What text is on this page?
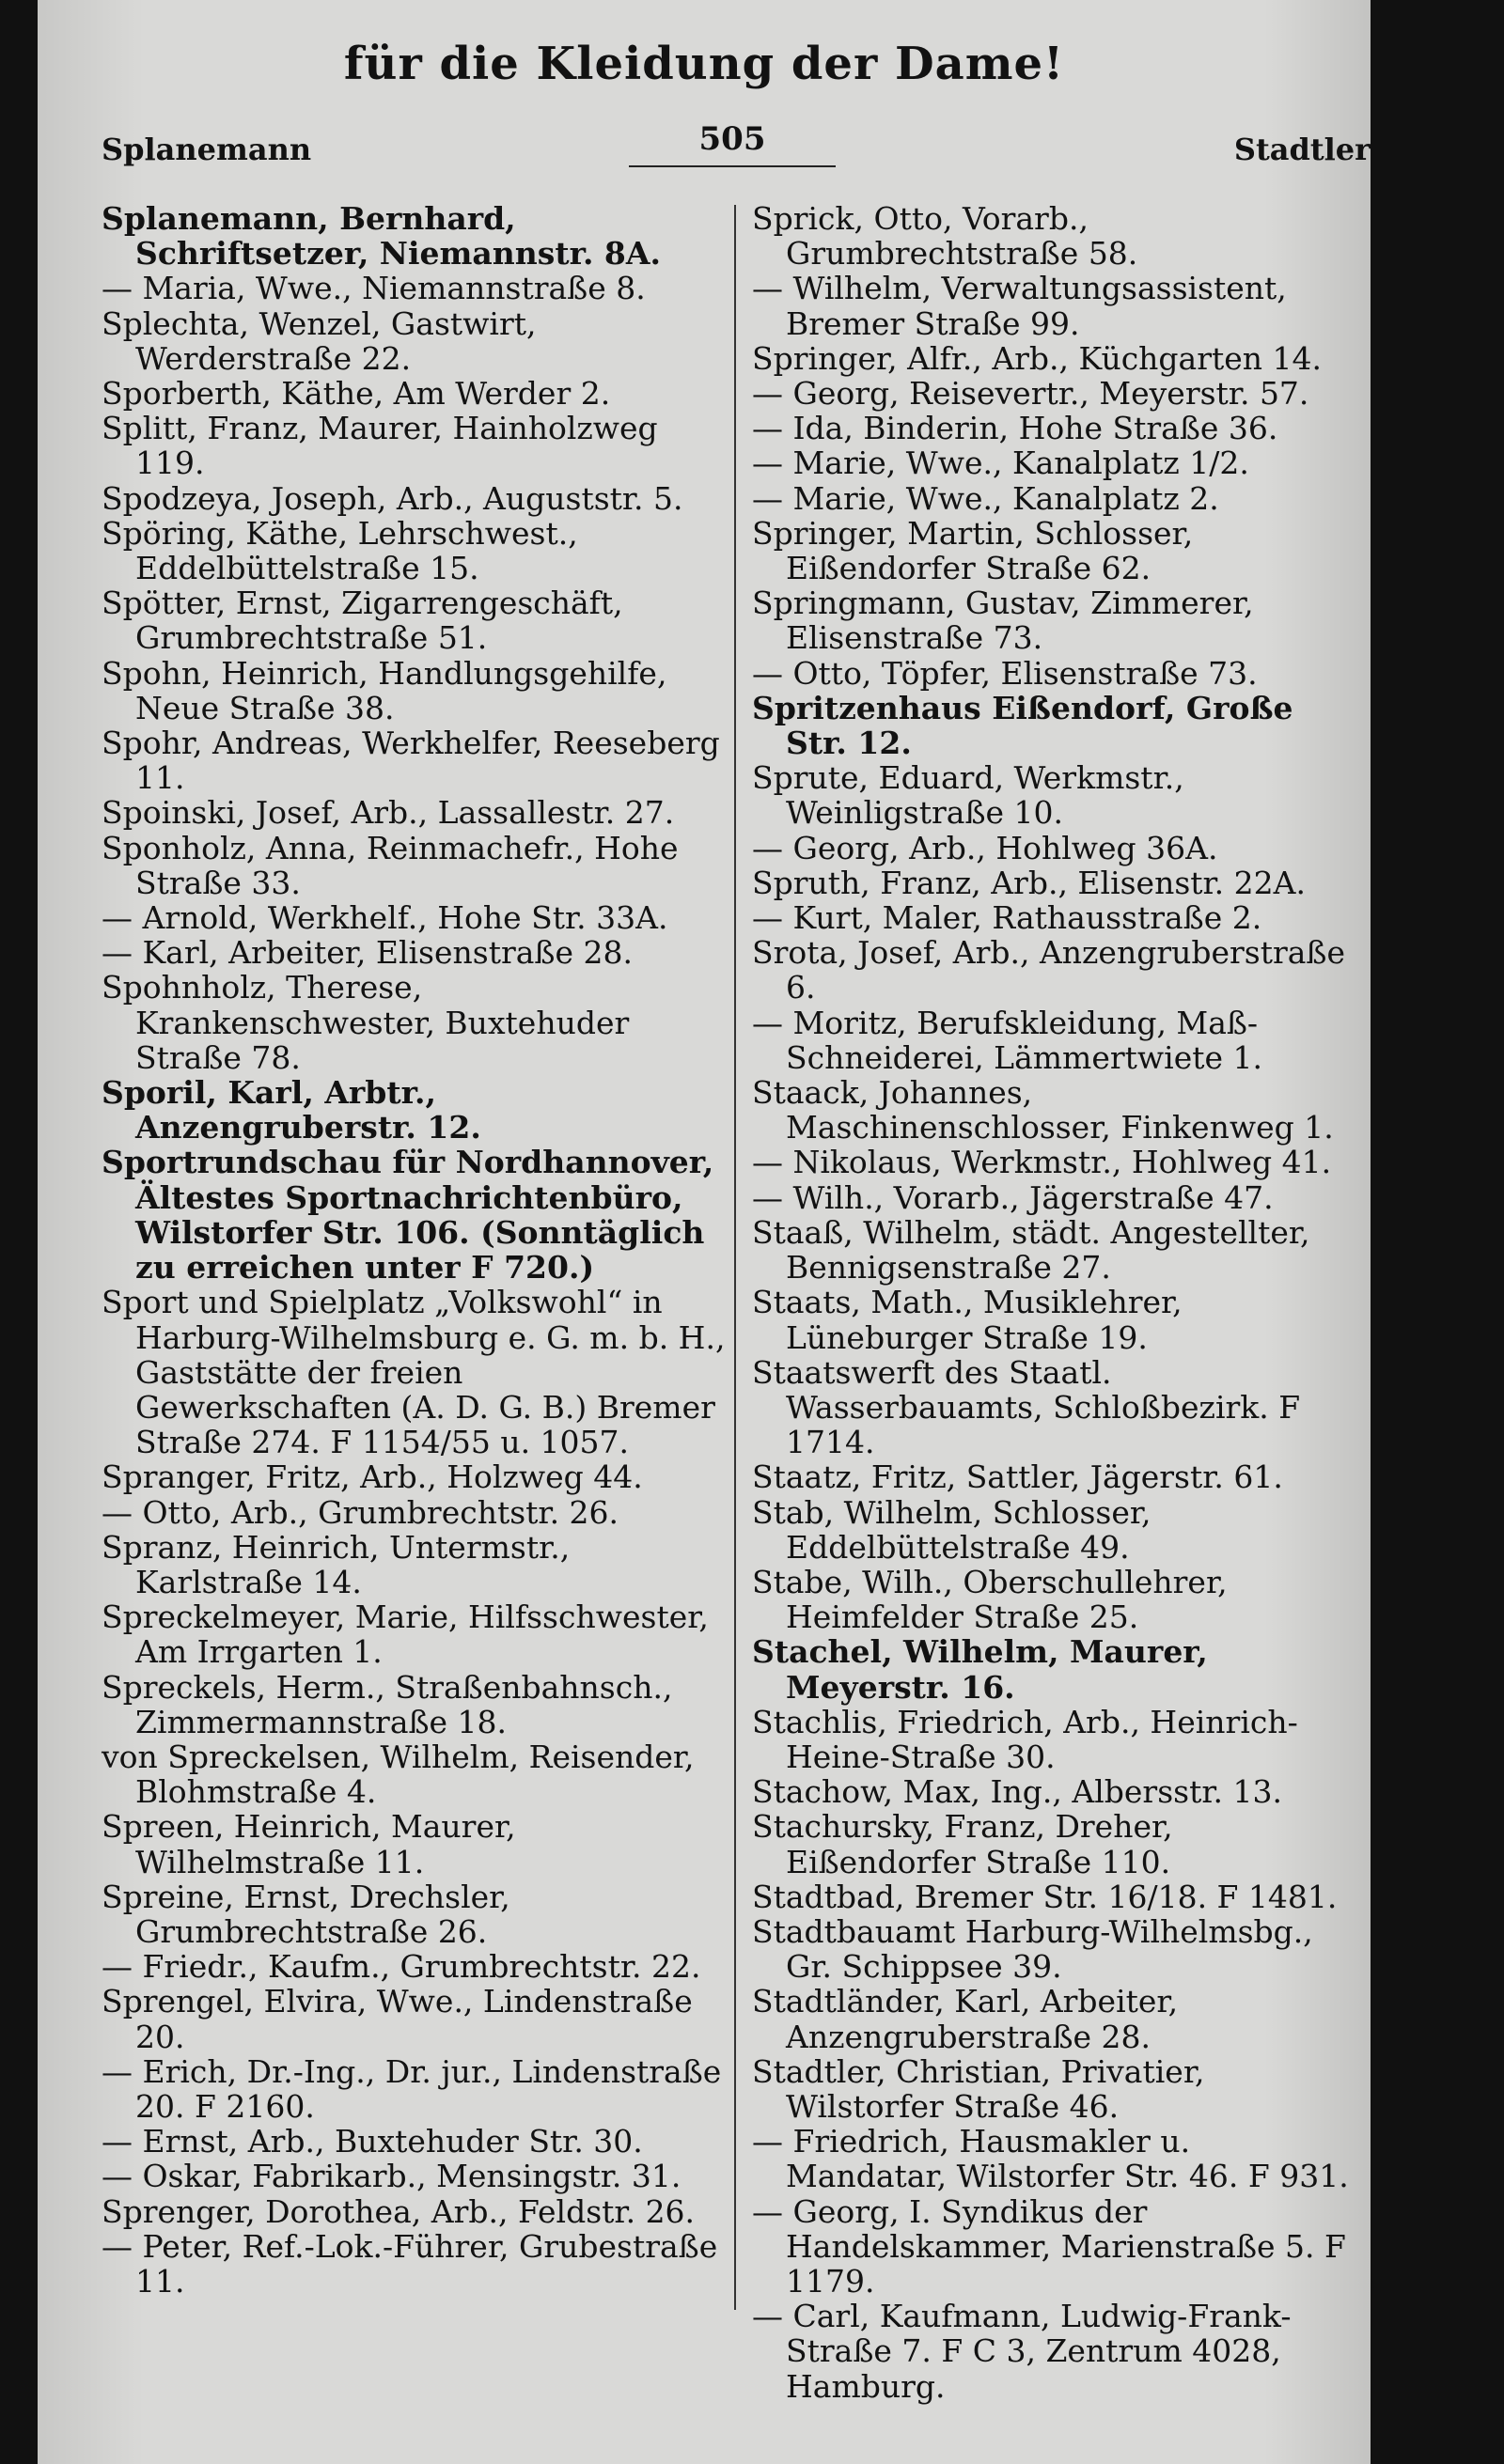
für die Kleidung der Dame!
Splanemann	505	Stadtler

Splanemann, Bernhard, Schriftsetzer, Niemannstr. 8A.

— Maria, Wwe., Niemannstraße 8.

Splechta, Wenzel, Gastwirt, Werderstraße 22.

Sporberth, Käthe, Am Werder 2.

Splitt, Franz, Maurer, Hainholzweg 119.

Spodzeya, Joseph, Arb., Auguststr. 5.

Spöring, Käthe, Lehrschwest., Eddelbüttelstraße 15.

Spötter, Ernst, Zigarrengeschäft, Grumbrechtstraße 51.

Spohn, Heinrich, Handlungsgehilfe, Neue Straße 38.

Spohr, Andreas, Werkhelfer, Reeseberg 11.

Spoinski, Josef, Arb., Lassallestr. 27.

Sponholz, Anna, Reinmachefr., Hohe Straße 33.

— Arnold, Werkhelf., Hohe Str. 33A.

— Karl, Arbeiter, Elisenstraße 28.

Spohnholz, Therese, Krankenschwester, Buxtehuder Straße 78.

Sporil, Karl, Arbtr., Anzengruberstr. 12.

Sportrundschau für Nordhannover, Ältestes Sportnachrichtenbüro, Wilstorfer Str. 106. (Sonntäglich zu erreichen unter F 720.)

Sport und Spielplatz „Volkswohl“ in Harburg-Wilhelmsburg e. G. m. b. H., Gaststätte der freien Gewerkschaften (A. D. G. B.) Bremer Straße 274. F 1154/55 u. 1057.

Spranger, Fritz, Arb., Holzweg 44.

— Otto, Arb., Grumbrechtstr. 26.

Spranz, Heinrich, Untermstr., Karlstraße 14.

Spreckelmeyer, Marie, Hilfsschwester, Am Irrgarten 1.

Spreckels, Herm., Straßenbahnsch., Zimmermannstraße 18.

von Spreckelsen, Wilhelm, Reisender, Blohmstraße 4.

Spreen, Heinrich, Maurer, Wilhelmstraße 11.

Spreine, Ernst, Drechsler, Grumbrechtstraße 26.

— Friedr., Kaufm., Grumbrechtstr. 22.

Sprengel, Elvira, Wwe., Lindenstraße 20.

— Erich, Dr.-Ing., Dr. jur., Lindenstraße 20. F 2160.

— Ernst, Arb., Buxtehuder Str. 30.

— Oskar, Fabrikarb., Mensingstr. 31.

Sprenger, Dorothea, Arb., Feldstr. 26.

— Peter, Ref.-Lok.-Führer, Grubestraße 11.

Sprick, Otto, Vorarb., Grumbrechtstraße 58.

— Wilhelm, Verwaltungsassistent, Bremer Straße 99.

Springer, Alfr., Arb., Küchgarten 14.

— Georg, Reisevertr., Meyerstr. 57.

— Ida, Binderin, Hohe Straße 36.

— Marie, Wwe., Kanalplatz 1/2.

— Marie, Wwe., Kanalplatz 2.

Springer, Martin, Schlosser, Eißendorfer Straße 62.

Springmann, Gustav, Zimmerer, Elisenstraße 73.

— Otto, Töpfer, Elisenstraße 73.

Spritzenhaus Eißendorf, Große Str. 12.

Sprute, Eduard, Werkmstr., Weinligstraße 10.

— Georg, Arb., Hohlweg 36A.

Spruth, Franz, Arb., Elisenstr. 22A.

— Kurt, Maler, Rathausstraße 2.

Srota, Josef, Arb., Anzengruberstraße 6.

— Moritz, Berufskleidung, Maß-Schneiderei, Lämmertwiete 1.

Staack, Johannes, Maschinenschlosser, Finkenweg 1.

— Nikolaus, Werkmstr., Hohlweg 41.

— Wilh., Vorarb., Jägerstraße 47.

Staaß, Wilhelm, städt. Angestellter, Bennigsenstraße 27.

Staats, Math., Musiklehrer, Lüneburger Straße 19.

Staatswerft des Staatl. Wasserbauamts, Schloßbezirk. F 1714.

Staatz, Fritz, Sattler, Jägerstr. 61.

Stab, Wilhelm, Schlosser, Eddelbüttelstraße 49.

Stabe, Wilh., Oberschullehrer, Heimfelder Straße 25.

Stachel, Wilhelm, Maurer, Meyerstr. 16.

Stachlis, Friedrich, Arb., Heinrich-Heine-Straße 30.

Stachow, Max, Ing., Albersstr. 13.

Stachursky, Franz, Dreher, Eißendorfer Straße 110.

Stadtbad, Bremer Str. 16/18. F 1481.

Stadtbauamt Harburg-Wilhelmsbg., Gr. Schippsee 39.

Stadtländer, Karl, Arbeiter, Anzengruberstraße 28.

Stadtler, Christian, Privatier, Wilstorfer Straße 46.

— Friedrich, Hausmakler u. Mandatar, Wilstorfer Str. 46. F 931.

— Georg, I. Syndikus der Handelskammer, Marienstraße 5. F 1179.

— Carl, Kaufmann, Ludwig-Frank-Straße 7. F C 3, Zentrum 4028, Hamburg.
